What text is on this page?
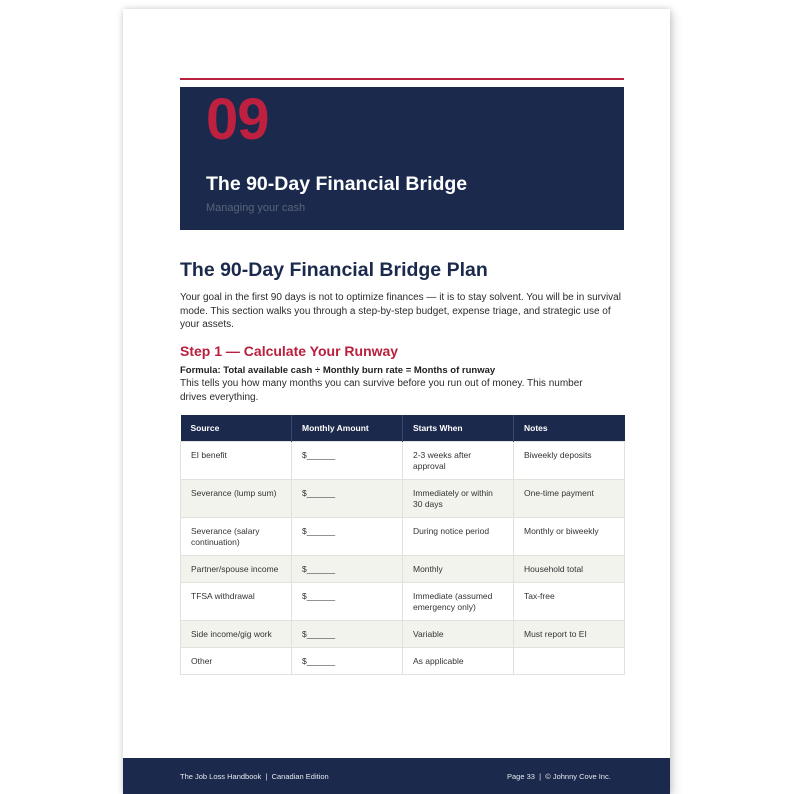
09
The 90-Day Financial Bridge
Managing your cash
The 90-Day Financial Bridge Plan
Your goal in the first 90 days is not to optimize finances — it is to stay solvent. You will be in survival mode. This section walks you through a step-by-step budget, expense triage, and strategic use of your assets.
Step 1 — Calculate Your Runway
Formula: Total available cash ÷ Monthly burn rate = Months of runway
This tells you how many months you can survive before you run out of money. This number drives everything.
Source	Monthly Amount	Starts When	Notes
EI benefit	$______	2-3 weeks after approval	Biweekly deposits
Severance (lump sum)	$______	Immediately or within 30 days	One-time payment
Severance (salary continuation)	$______	During notice period	Monthly or biweekly
Partner/spouse income	$______	Monthly	Household total
TFSA withdrawal	$______	Immediate (assumed emergency only)	Tax-free
Side income/gig work	$______	Variable	Must report to EI
Other	$______	As applicable	
The Job Loss Handbook  |  Canadian Edition	Page 33  |  © Johnny Cove Inc.
